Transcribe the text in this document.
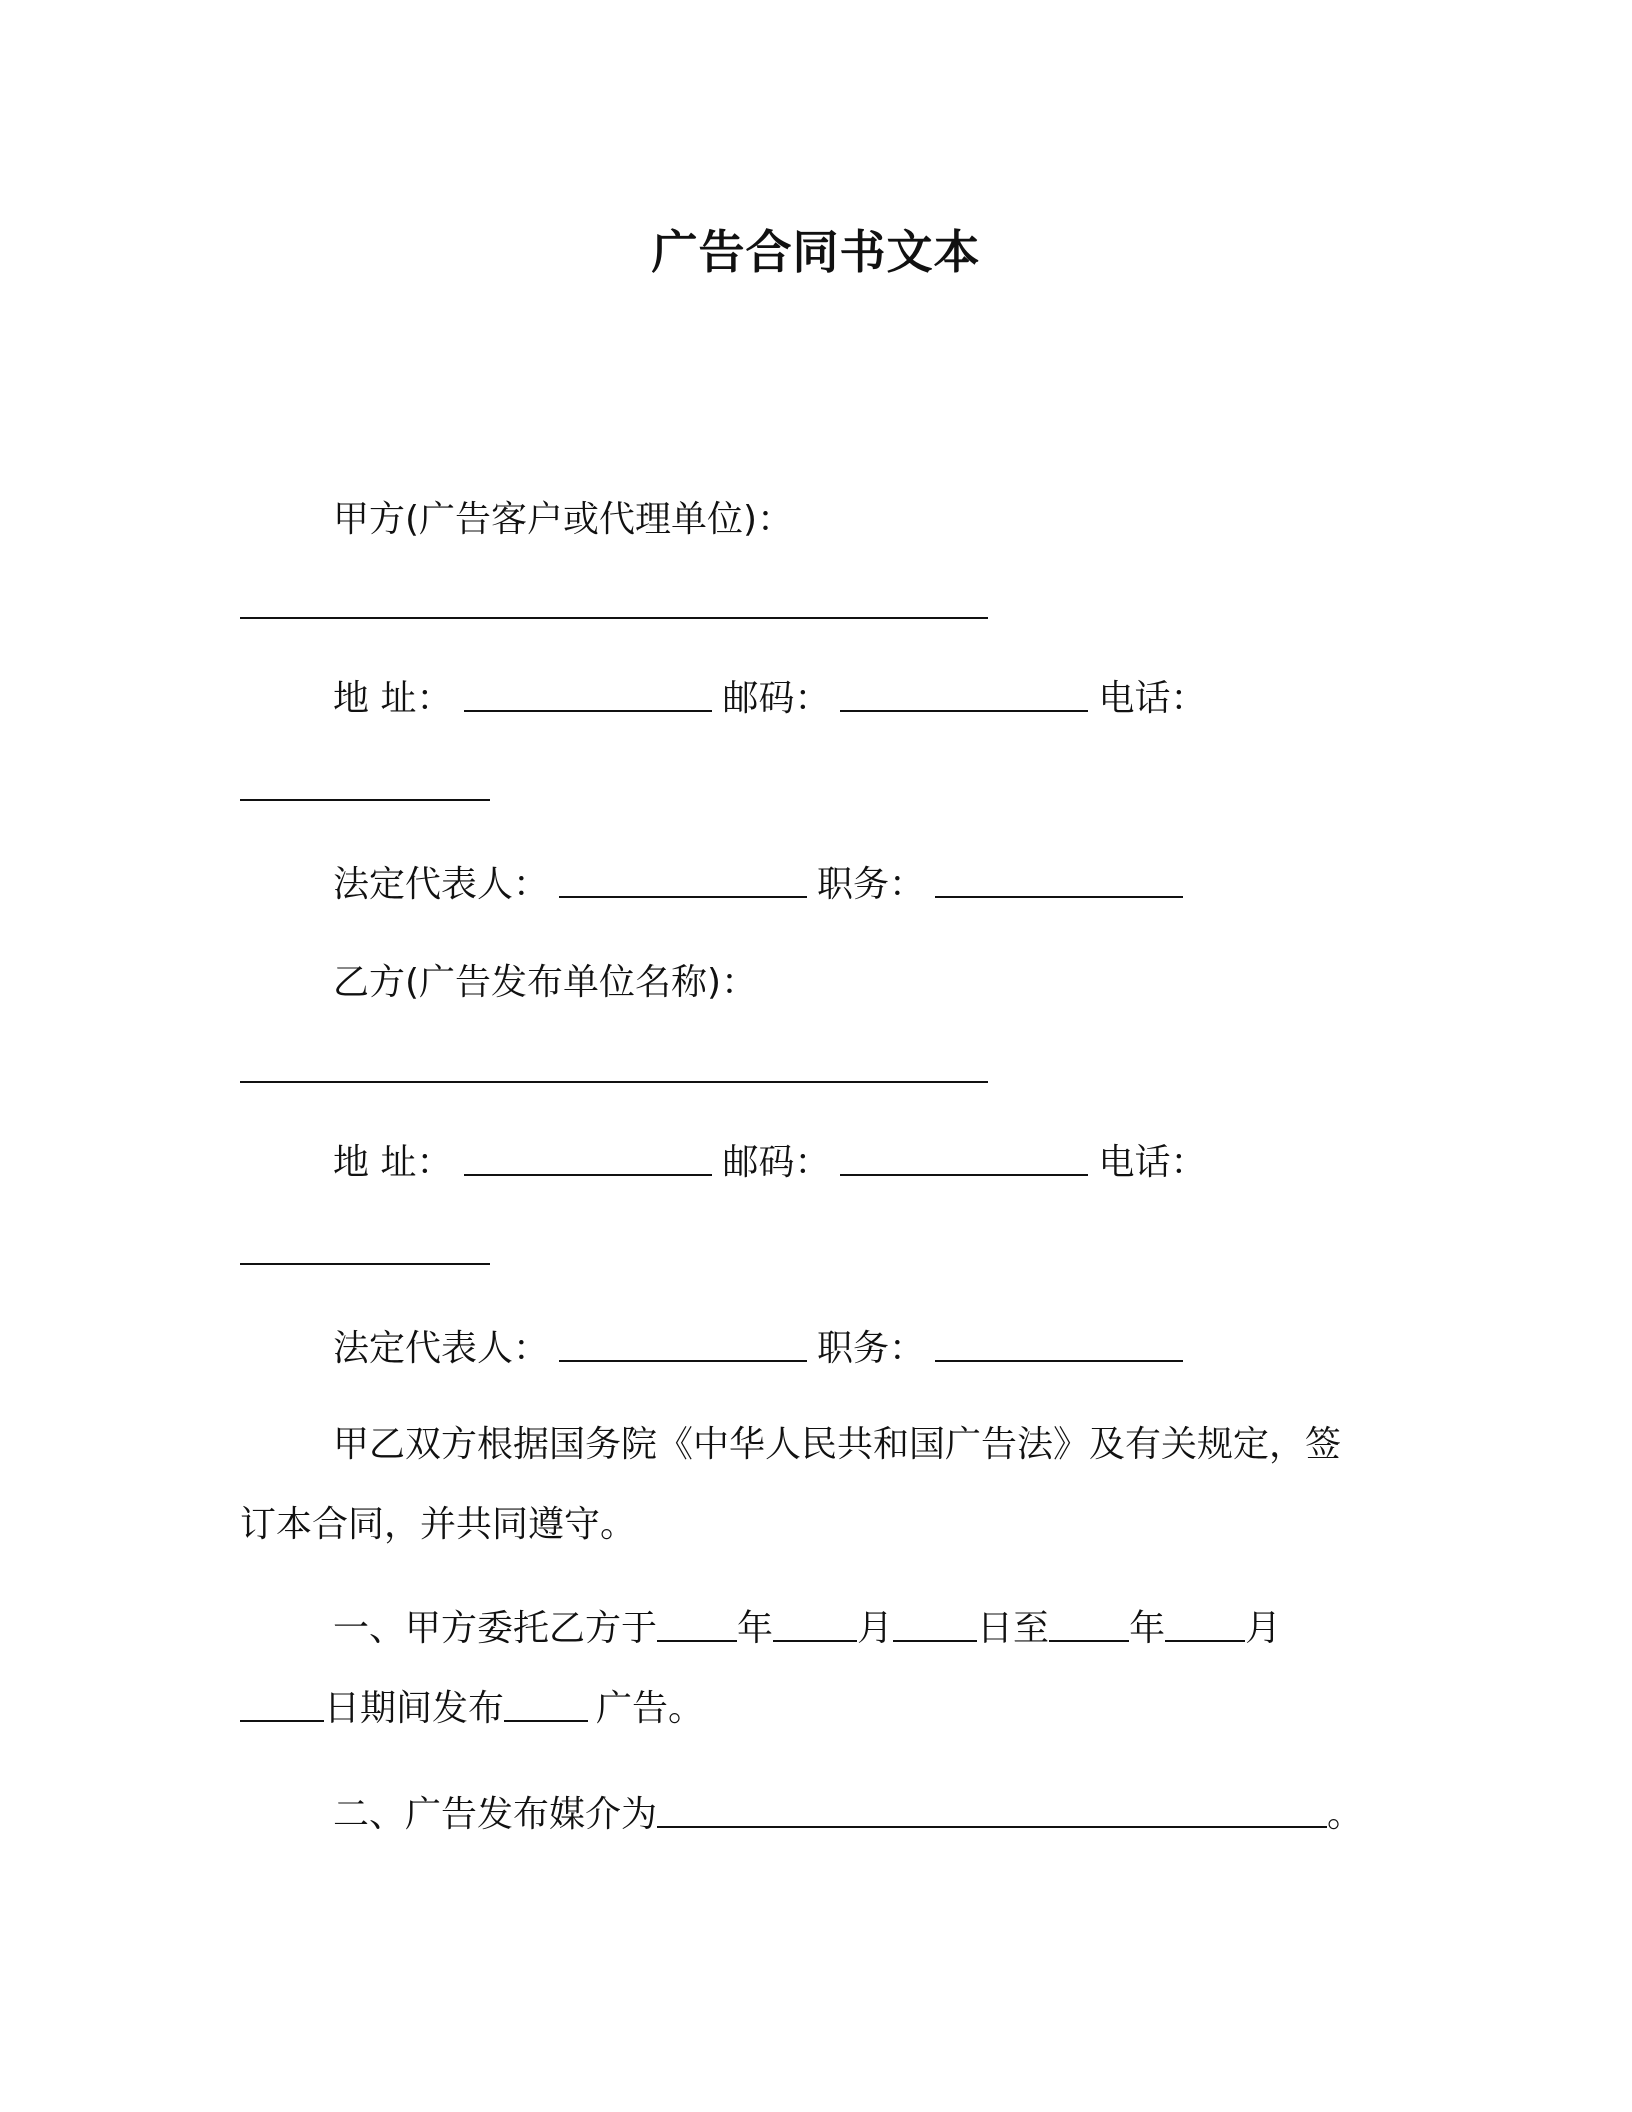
广告合同书文本
甲方(广告客户或代理单位)：
地 址：	邮码：	电话：
法定代表人：	职务：
乙方(广告发布单位名称)：
地 址：	邮码：	电话：
法定代表人：	职务：
甲乙双方根据国务院《中华人民共和国广告法》及有关规定，签
订本合同，并共同遵守。
一、甲方委托乙方于 年 月 日至 年 月
日期间发布	广告。
二、广告发布媒介为	。
